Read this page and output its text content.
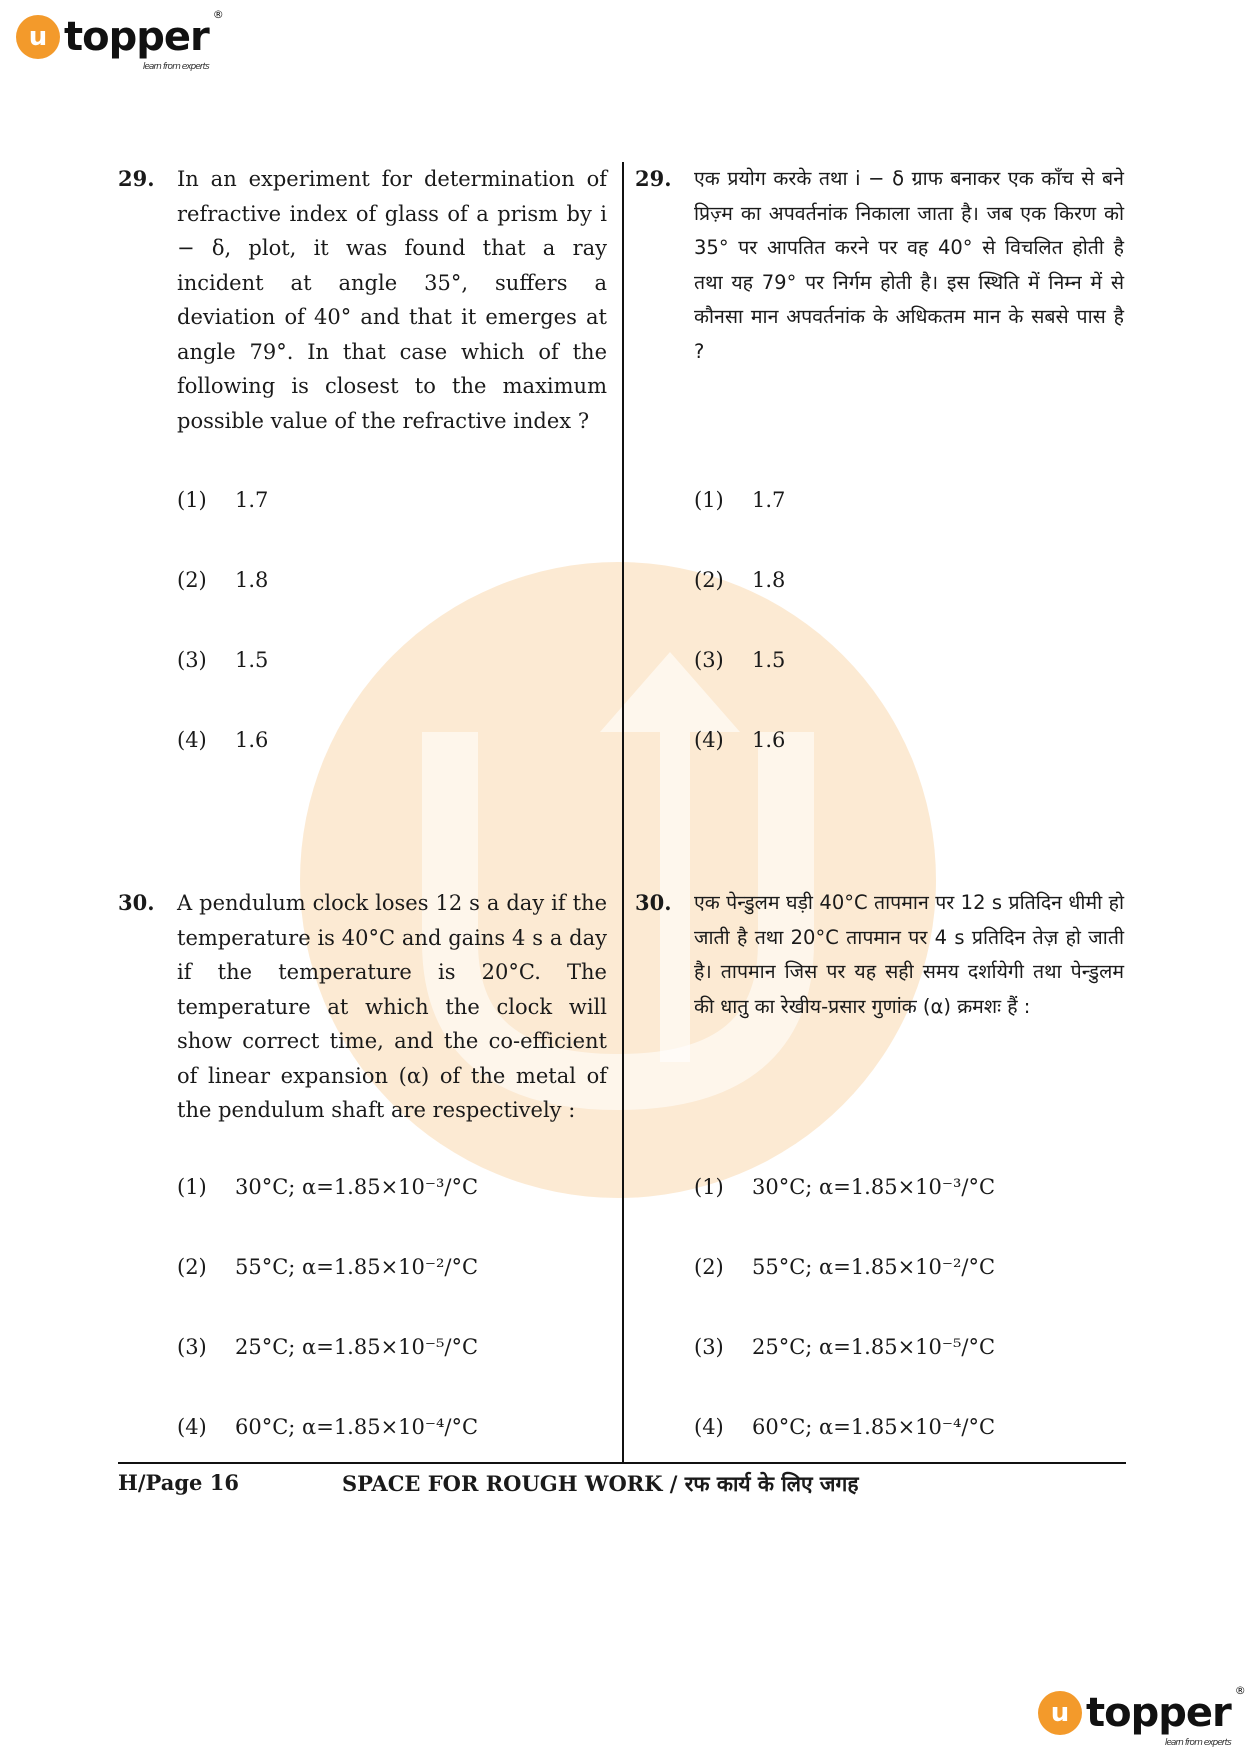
u topper ®
learn from experts
29. In an experiment for determination of refractive index of glass of a prism by i − δ, plot, it was found that a ray incident at angle 35°, suffers a deviation of 40° and that it emerges at angle 79°. In that case which of the following is closest to the maximum possible value of the refractive index ?
(1)	1.7
(2)	1.8
(3)	1.5
(4)	1.6
29. एक प्रयोग करके तथा i − δ ग्राफ बनाकर एक काँच से बने प्रिज़्म का अपवर्तनांक निकाला जाता है। जब एक किरण को 35° पर आपतित करने पर वह 40° से विचलित होती है तथा यह 79° पर निर्गम होती है। इस स्थिति में निम्न में से कौनसा मान अपवर्तनांक के अधिकतम मान के सबसे पास है ?
(1)	1.7
(2)	1.8
(3)	1.5
(4)	1.6
30. A pendulum clock loses 12 s a day if the temperature is 40°C and gains 4 s a day if the temperature is 20°C. The temperature at which the clock will show correct time, and the co-efficient of linear expansion (α) of the metal of the pendulum shaft are respectively :
(1)	30°C; α=1.85×10⁻³/°C
(2)	55°C; α=1.85×10⁻²/°C
(3)	25°C; α=1.85×10⁻⁵/°C
(4)	60°C; α=1.85×10⁻⁴/°C
30. एक पेन्डुलम घड़ी 40°C तापमान पर 12 s प्रतिदिन धीमी हो जाती है तथा 20°C तापमान पर 4 s प्रतिदिन तेज़ हो जाती है। तापमान जिस पर यह सही समय दर्शायेगी तथा पेन्डुलम की धातु का रेखीय-प्रसार गुणांक (α) क्रमशः हैं :
(1)	30°C; α=1.85×10⁻³/°C
(2)	55°C; α=1.85×10⁻²/°C
(3)	25°C; α=1.85×10⁻⁵/°C
(4)	60°C; α=1.85×10⁻⁴/°C
H/Page 16	SPACE FOR ROUGH WORK / रफ कार्य के लिए जगह
u topper ®
learn from experts
